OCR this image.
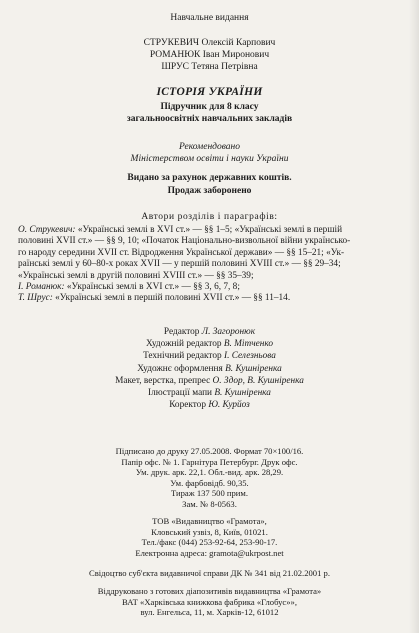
Навчальне видання
СТРУКЕВИЧ Олексій Карпович
РОМАНЮК Іван Миронович
ШРУС Тетяна Петрівна
ІСТОРІЯ УКРАЇНИ
Підручник для 8 класу
загальноосвітніх навчальних закладів
Рекомендовано
Міністерством освіти і науки України
Видано за рахунок державних коштів.
Продаж заборонено
Автори розділів і параграфів:

О. Струкевич: «Українські землі в XVI ст.» — §§ 1–5; «Українські землі в першій

половині XVII ст.» — §§ 9, 10; «Початок Національно-визвольної війни українсько-

го народу середини XVII ст. Відродження Української держави» — §§ 15–21; «Ук-

раїнські землі у 60–80-х роках XVII — у першій половині XVIII ст.» — §§ 29–34;

«Українські землі в другій половині XVIII ст.» — §§ 35–39;

І. Романюк: «Українські землі в XVI ст.» — §§ 3, 6, 7, 8;

Т. Шрус: «Українські землі в першій половині XVII ст.» — §§ 11–14.

Редактор Л. Загоронюк
Художній редактор В. Мітченко
Технічний редактор І. Селезньова
Художнє оформлення В. Кушніренка
Макет, верстка, препрес О. Здор, В. Кушніренка
Ілюстрації мапи В. Кушніренка
Коректор Ю. Курйоз
Підписано до друку 27.05.2008. Формат 70×100/16.
Папір офс. № 1. Гарнітура Петербург. Друк офс.
Ум. друк. арк. 22,1. Обл.-вид. арк. 28,29.
Ум. фарбовідб. 90,35.
Тираж 137 500 прим.
Зам. № 8-0563.
ТОВ «Видавництво «Грамота»,
Кловський узвіз, 8, Київ, 01021.
Тел./факс (044) 253-92-64, 253-90-17.
Електронна адреса: gramota@ukrpost.net
Свідоцтво суб'єкта видавничої справи ДК № 341 від 21.02.2001 р.
Віддруковано з готових діапозитивів видавництва «Грамота»
ВАТ «Харківська книжкова фабрика «Глобус»»,
вул. Енгельса, 11, м. Харків-12, 61012
